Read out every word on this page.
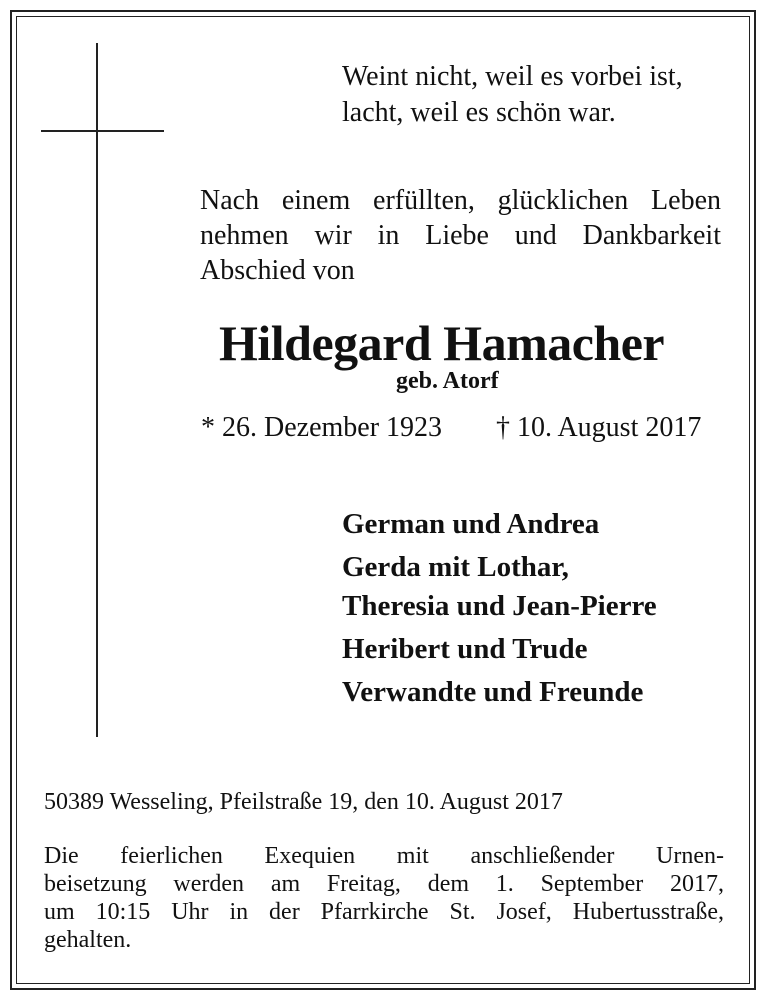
Weint nicht, weil es vorbei ist,
lacht, weil es schön war.
Nach einem erfüllten, glücklichen Leben
nehmen wir in Liebe und Dankbarkeit
Abschied von
Hildegard Hamacher
geb. Atorf
* 26. Dezember 1923 † 10. August 2017
German und Andrea
Gerda mit Lothar,
Theresia und Jean-Pierre
Heribert und Trude
Verwandte und Freunde
50389 Wesseling, Pfeilstraße 19, den 10. August 2017
Die feierlichen Exequien mit anschließender Urnen-
beisetzung werden am Freitag, dem 1. September 2017,
um 10:15 Uhr in der Pfarrkirche St. Josef, Hubertusstraße,
gehalten.
